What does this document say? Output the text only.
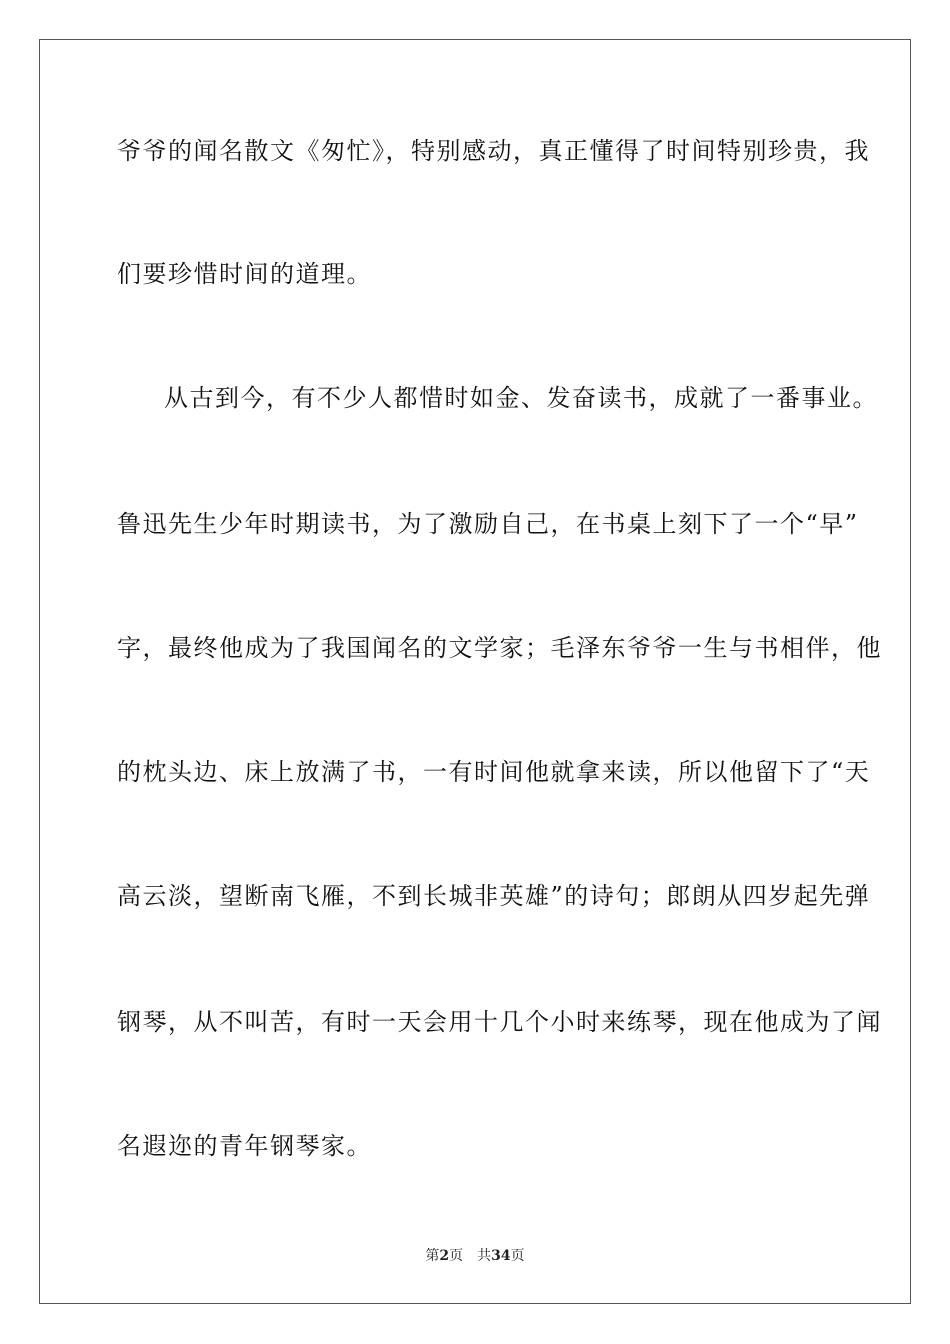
爷爷的闻名散文《匆忙》，特别感动，真正懂得了时间特别珍贵，我
们要珍惜时间的道理。
从古到今，有不少人都惜时如金、发奋读书，成就了一番事业。
鲁迅先生少年时期读书，为了激励自己，在书桌上刻下了一个“早”
字，最终他成为了我国闻名的文学家；毛泽东爷爷一生与书相伴，他
的枕头边、床上放满了书，一有时间他就拿来读，所以他留下了“天
高云淡，望断南飞雁，不到长城非英雄”的诗句；郎朗从四岁起先弹
钢琴，从不叫苦，有时一天会用十几个小时来练琴，现在他成为了闻
名遐迩的青年钢琴家。
第2页 共34页
